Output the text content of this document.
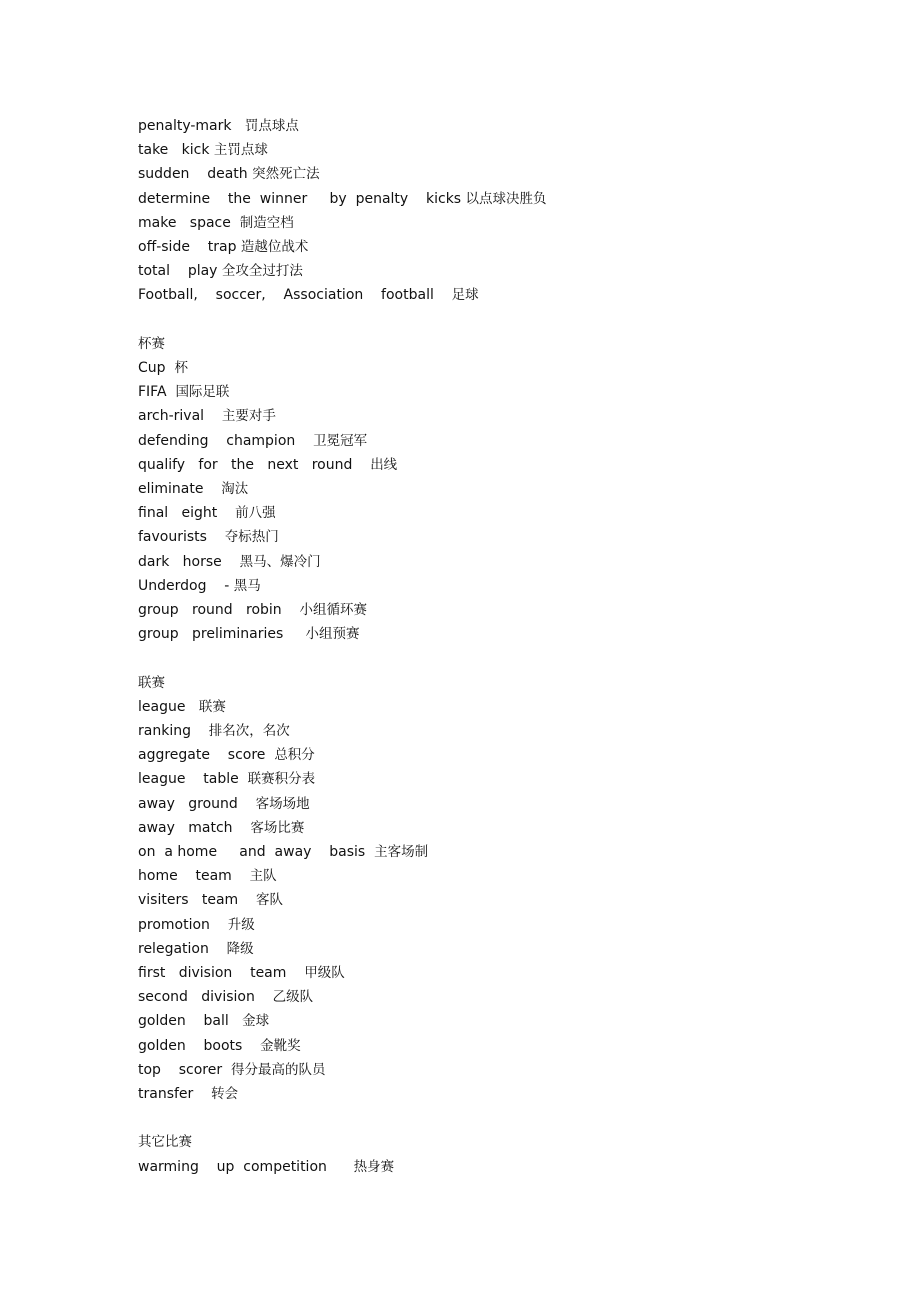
penalty-mark 罚点球点
take   kick 主罚点球
sudden    death 突然死亡法
determine    the  winner     by  penalty    kicks 以点球决胜负
make   space 制造空档
off-side    trap 造越位战术
total    play 全攻全过打法
Football,    soccer,    Association    football 足球
杯赛
Cup 杯
FIFA 国际足联
arch-rival 主要对手
defending    champion 卫冕冠军
qualify   for   the   next   round 出线
eliminate 淘汰
final   eight 前八强
favourists 夺标热门
dark   horse 黑马、爆冷门
Underdog    - 黑马
group   round   robin 小组循环赛
group   preliminaries 小组预赛
联赛
league 联赛
ranking 排名次，名次
aggregate    score 总积分
league    table 联赛积分表
away   ground 客场场地
away   match 客场比赛
on  a home     and  away    basis 主客场制
home    team 主队
visiters   team 客队
promotion 升级
relegation 降级
first   division    team 甲级队
second   division 乙级队
golden    ball 金球
golden    boots 金靴奖
top    scorer 得分最高的队员
transfer 转会
其它比赛
warming    up  competition 热身赛
